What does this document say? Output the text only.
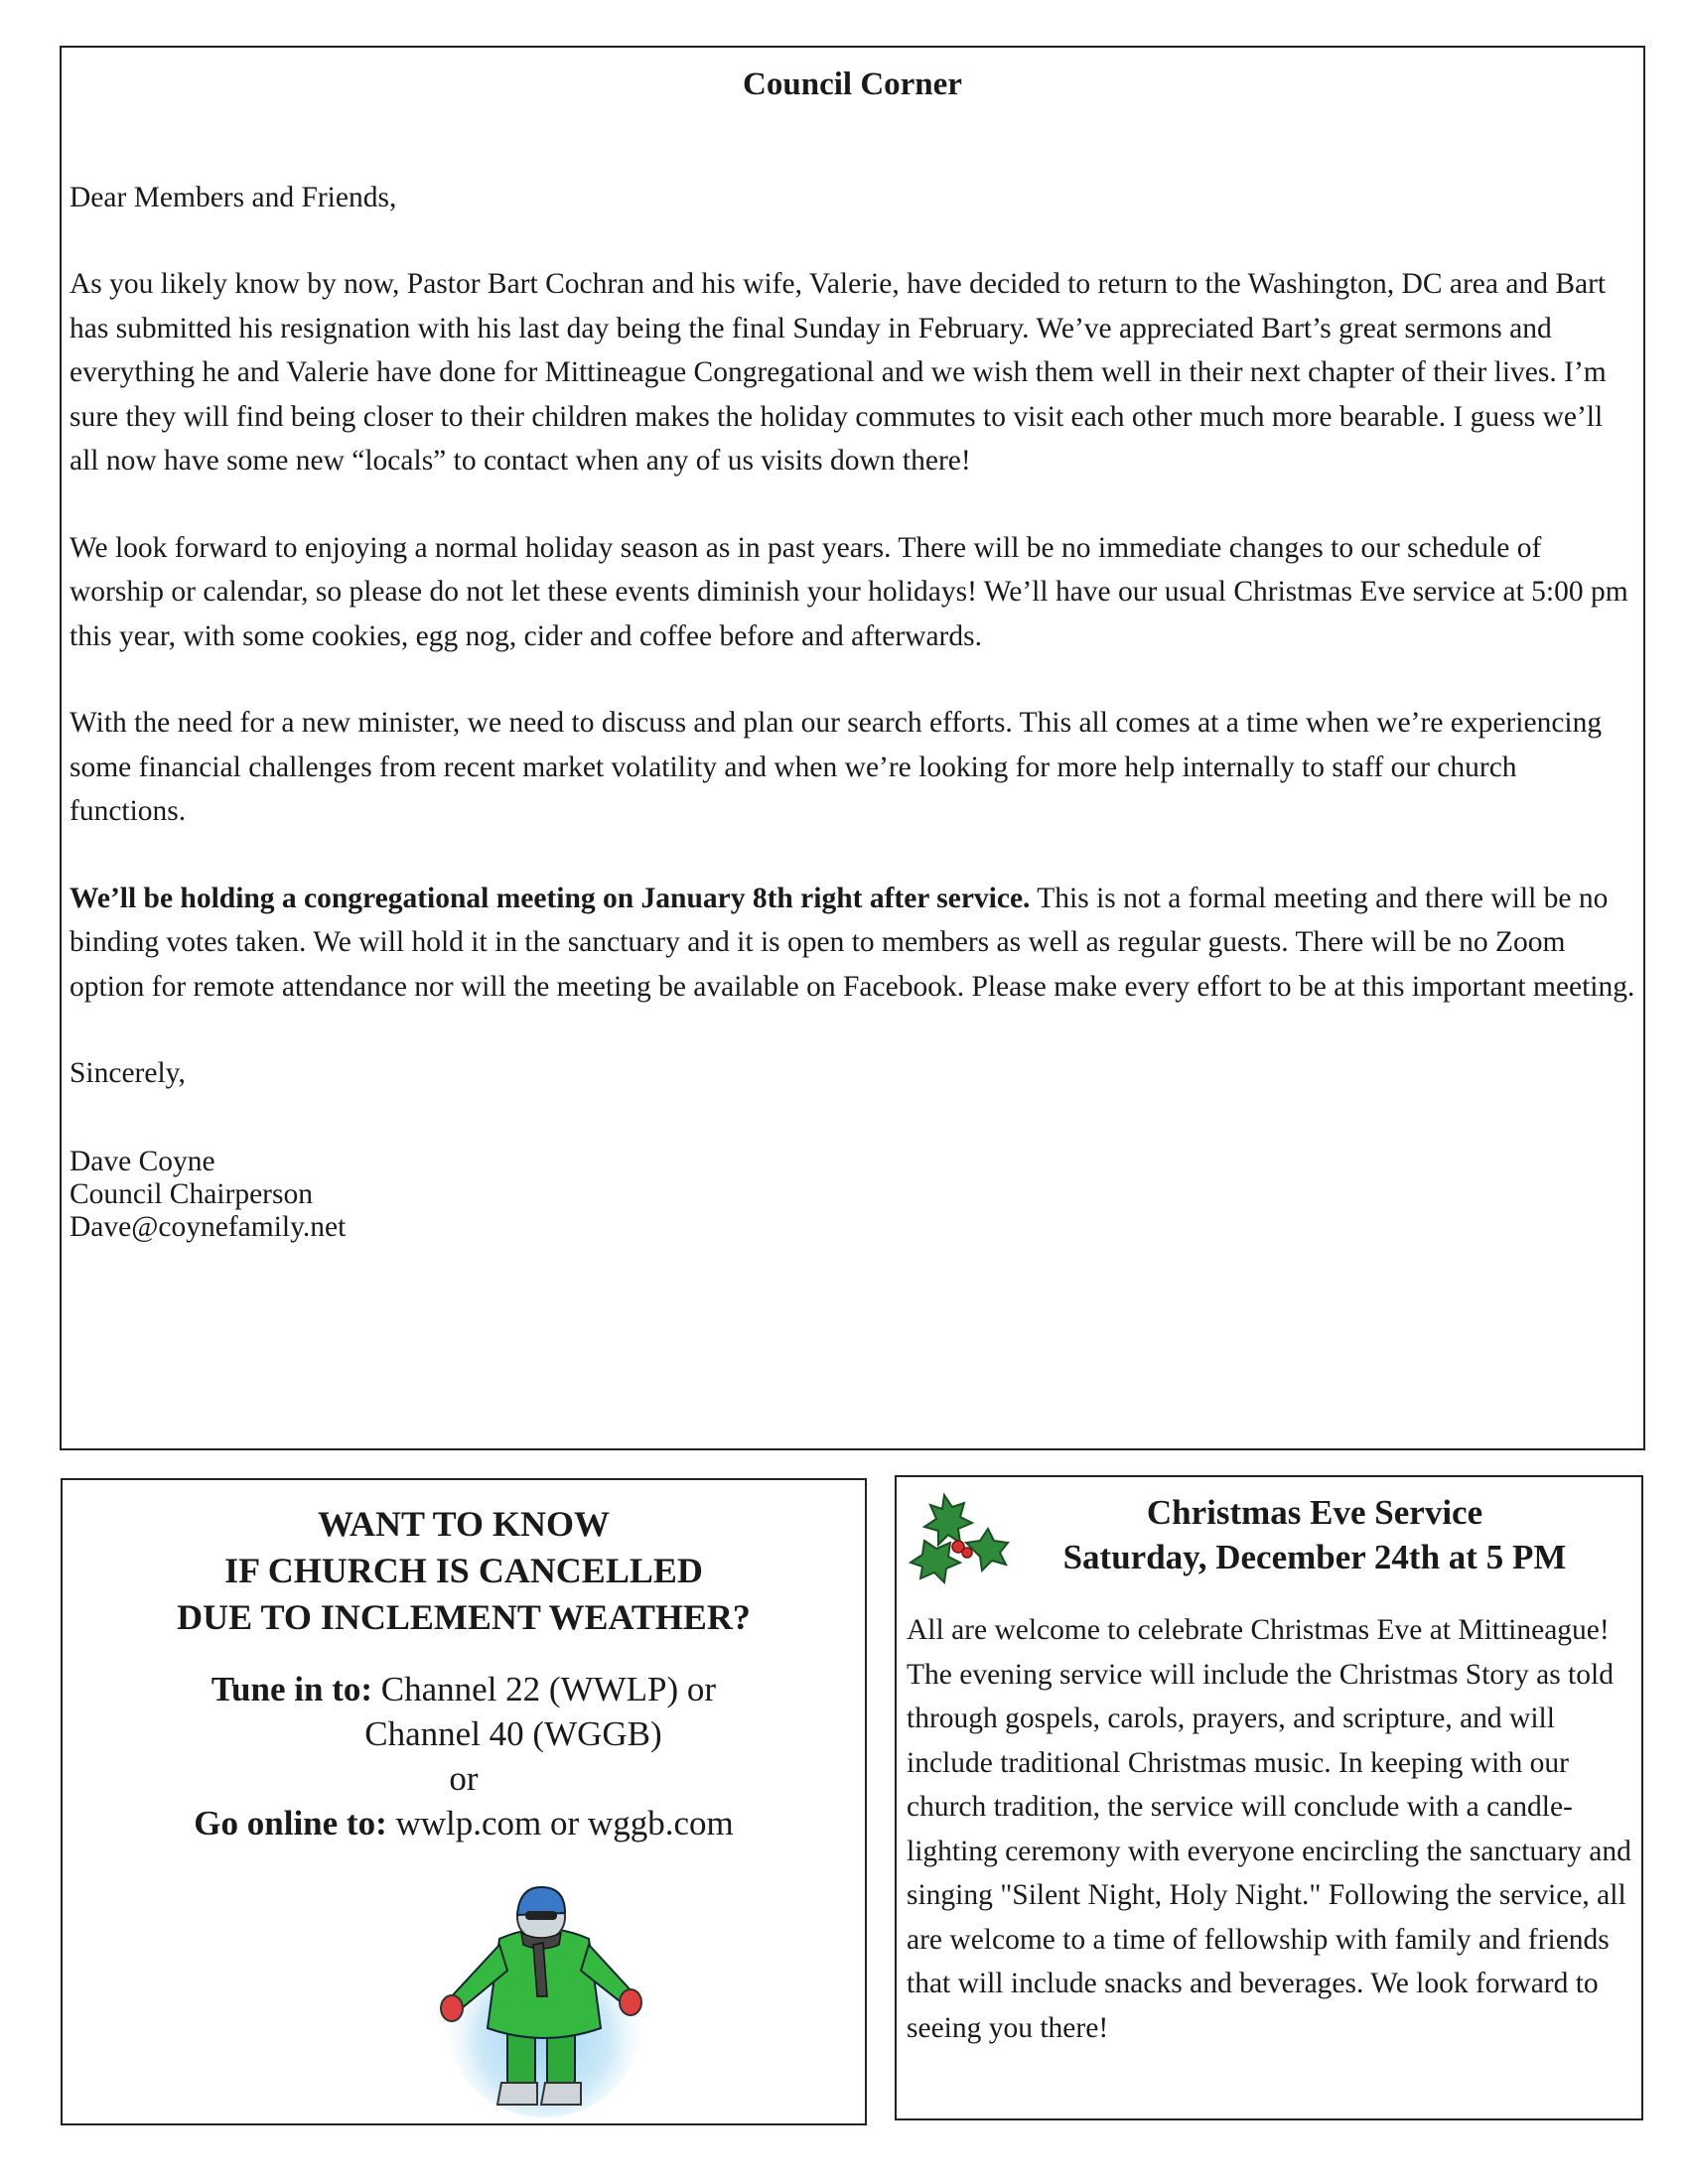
Council Corner

Dear Members and Friends,

As you likely know by now, Pastor Bart Cochran and his wife, Valerie, have decided to return to the Washington, DC area and Bart has submitted his resignation with his last day being the final Sunday in February. We’ve appreciated Bart’s great sermons and everything he and Valerie have done for Mittineague Congregational and we wish them well in their next chapter of their lives. I’m sure they will find being closer to their children makes the holiday commutes to visit each other much more bearable. I guess we’ll all now have some new “locals” to contact when any of us visits down there!

We look forward to enjoying a normal holiday season as in past years. There will be no immediate changes to our schedule of worship or calendar, so please do not let these events diminish your holidays! We’ll have our usual Christmas Eve service at 5:00 pm this year, with some cookies, egg nog, cider and coffee before and afterwards.

With the need for a new minister, we need to discuss and plan our search efforts. This all comes at a time when we’re experiencing some financial challenges from recent market volatility and when we’re looking for more help internally to staff our church functions.

We’ll be holding a congregational meeting on January 8th right after service. This is not a formal meeting and there will be no binding votes taken. We will hold it in the sanctuary and it is open to members as well as regular guests. There will be no Zoom option for remote attendance nor will the meeting be available on Facebook. Please make every effort to be at this important meeting.

Sincerely,

Dave Coyne
Council Chairperson
Dave@coynefamily.net
WANT TO KNOW
IF CHURCH IS CANCELLED
DUE TO INCLEMENT WEATHER?
Tune in to: Channel 22 (WWLP) or
Channel 40 (WGGB)
or
Go online to: wwlp.com or wggb.com
Christmas Eve Service
Saturday, December 24th at 5 PM
All are welcome to celebrate Christmas Eve at Mittineague! The evening service will include the Christmas Story as told through gospels, carols, prayers, and scripture, and will include traditional Christmas music. In keeping with our church tradition, the service will conclude with a candle-lighting ceremony with everyone encircling the sanctuary and singing "Silent Night, Holy Night." Following the service, all are welcome to a time of fellowship with family and friends that will include snacks and beverages. We look forward to seeing you there!
